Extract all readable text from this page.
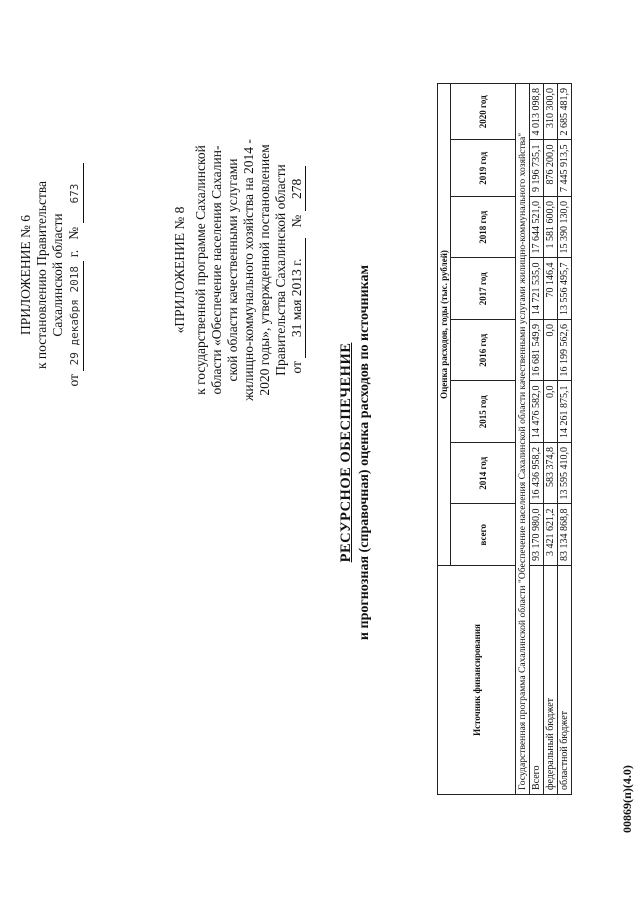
ПРИЛОЖЕНИЕ № 6 к постановлению Правительства Сахалинской области
от 29 декабря 2018 г.   № 673
«ПРИЛОЖЕНИЕ № 8 к государственной программе Сахалинской области «Обеспечение населения Сахалин- ской области качественными услугами жилищно-коммунального хозяйства на 2014 - 2020 годы», утвержденной постановлением Правительства Сахалинской области от 31 мая 2013 г.   № 278
РЕСУРСНОЕ ОБЕСПЕЧЕНИЕ и прогнозная (справочная) оценка расходов по источникам
Источник финансирования	Оценка расходов, годы (тыс. рублей)							
	всего	2014 год	2015 год	2016 год	2017 год	2018 год	2019 год	2020 год
Государственная программа Сахалинской области "Обеспечение населения Сахалинской области качественными услугами жилищно-коммунального хозяйства"								
Всего	93 170 980,0	16 436 958,2	14 476 582,0	16 681 549,9	14 721 535,0	17 644 521,0	9 196 735,1	4 013 098,8
федеральный бюджет	3 421 621,2	583 374,8	0,0	0,0	70 146,4	1 581 600,0	876 200,0	310 300,0
областной бюджет	83 134 868,8	13 595 410,0	14 261 875,1	16 199 562,6	13 556 495,7	15 390 130,0	7 445 913,5	2 685 481,9
00869(п)(4.0)
